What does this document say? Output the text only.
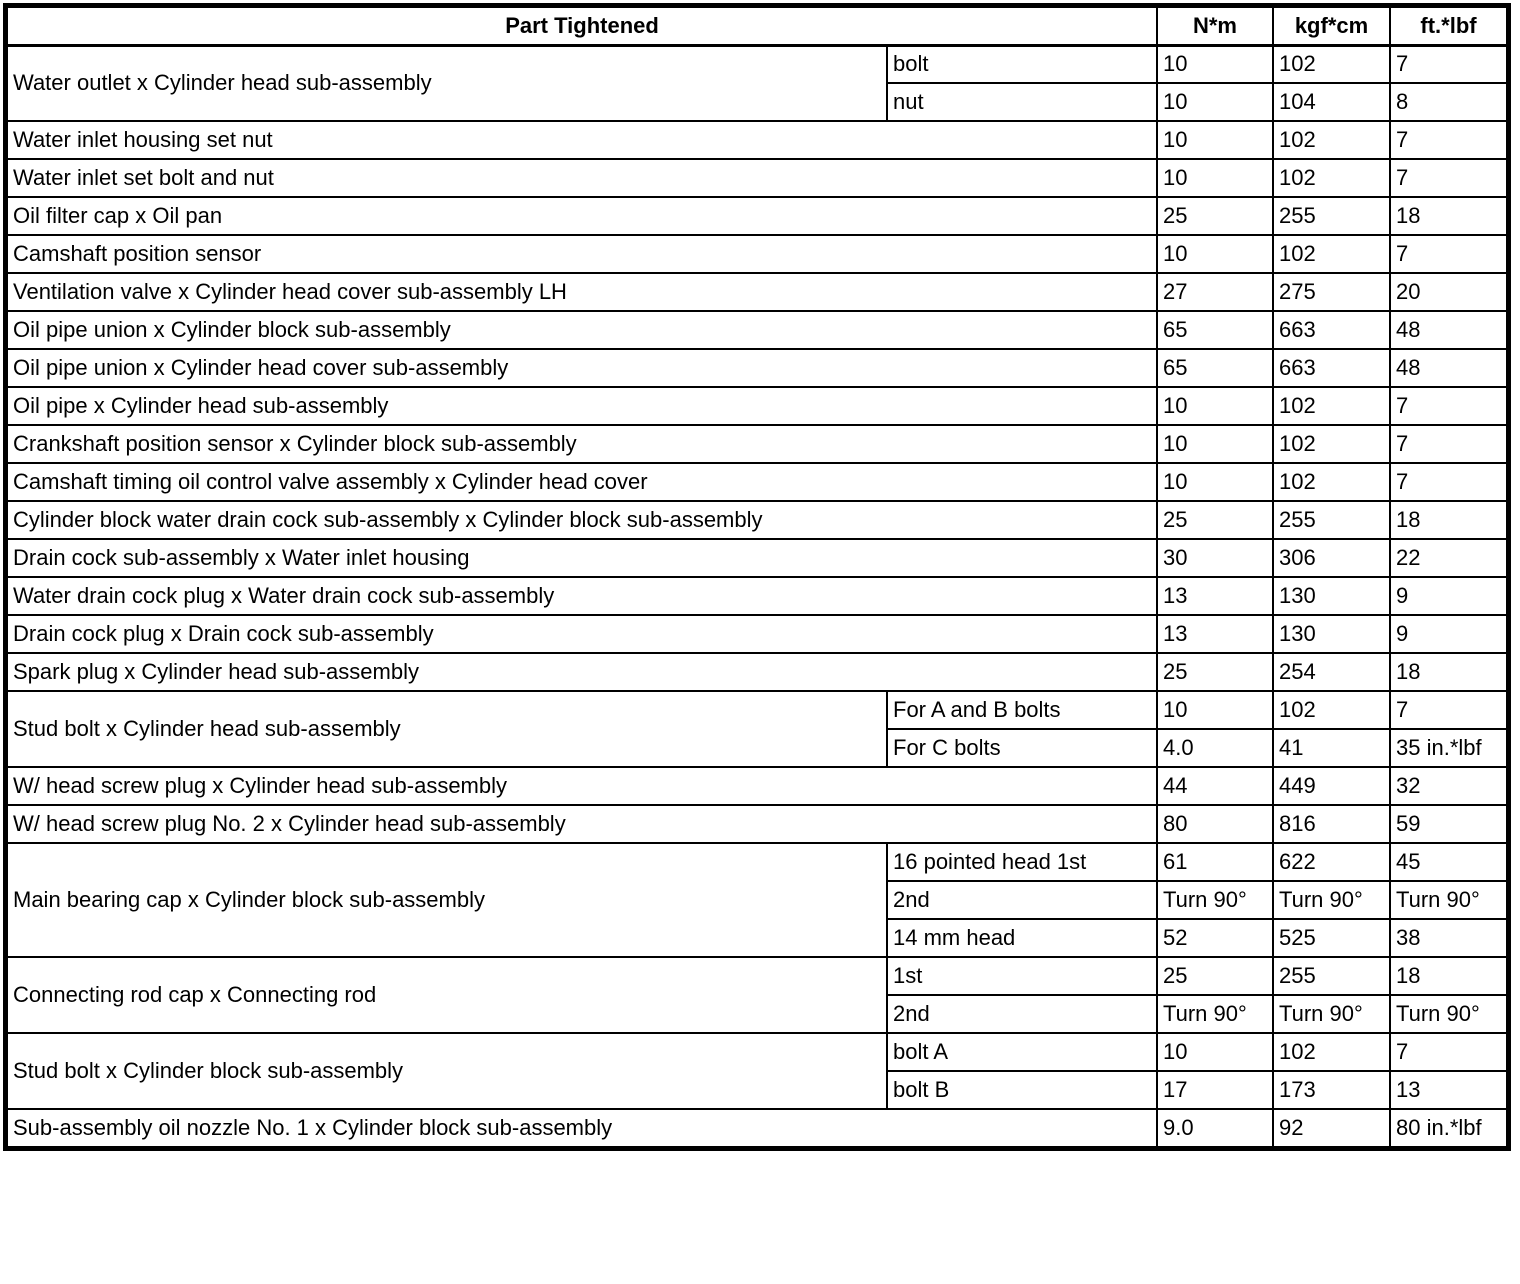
Part Tightened		N*m	kgf*cm	ft.*lbf
Water outlet x Cylinder head sub-assembly	bolt	10	102	7
	nut	10	104	8
Water inlet housing set nut		10	102	7
Water inlet set bolt and nut		10	102	7
Oil filter cap x Oil pan		25	255	18
Camshaft position sensor		10	102	7
Ventilation valve x Cylinder head cover sub-assembly LH		27	275	20
Oil pipe union x Cylinder block sub-assembly		65	663	48
Oil pipe union x Cylinder head cover sub-assembly		65	663	48
Oil pipe x Cylinder head sub-assembly		10	102	7
Crankshaft position sensor x Cylinder block sub-assembly		10	102	7
Camshaft timing oil control valve assembly x Cylinder head cover		10	102	7
Cylinder block water drain cock sub-assembly x Cylinder block sub-assembly		25	255	18
Drain cock sub-assembly x Water inlet housing		30	306	22
Water drain cock plug x Water drain cock sub-assembly		13	130	9
Drain cock plug x Drain cock sub-assembly		13	130	9
Spark plug x Cylinder head sub-assembly		25	254	18
Stud bolt x Cylinder head sub-assembly	For A and B bolts	10	102	7
	For C bolts	4.0	41	35 in.*lbf
W/ head screw plug x Cylinder head sub-assembly		44	449	32
W/ head screw plug No. 2 x Cylinder head sub-assembly		80	816	59
Main bearing cap x Cylinder block sub-assembly	16 pointed head 1st	61	622	45
	2nd	Turn 90°	Turn 90°	Turn 90°
	14 mm head	52	525	38
Connecting rod cap x Connecting rod	1st	25	255	18
	2nd	Turn 90°	Turn 90°	Turn 90°
Stud bolt x Cylinder block sub-assembly	bolt A	10	102	7
	bolt B	17	173	13
Sub-assembly oil nozzle No. 1 x Cylinder block sub-assembly		9.0	92	80 in.*lbf
